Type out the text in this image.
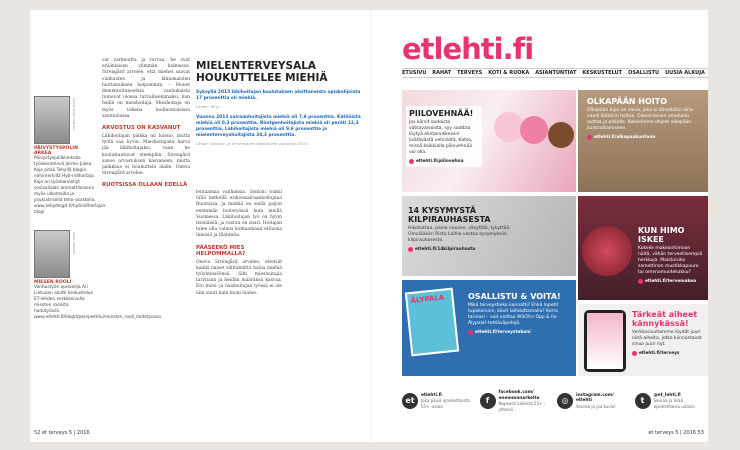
KUVAT: MARI LINTULA
PÄIVYSTYSPOLIN ARKEA
Päivystyspoliklinikalla työskentelevä Jarmo-Jukka Kojo pitää Tehyllä blogia nimimerkillä Hyb-ridihoitaja. Kojo on työskennellyt sosiaalialan ammattilaisena myös ulkomailla ja psykiatrisella teho-osastolla.
www.tehyblogit.fi/hybridihoitajan-blogi
KUVA: PRIVATE
MIESEN ROOLI
Vanhustyön opiskelija Ari Lintunen aloitti keskustelun ET-lehden verkkosivulla miesten roolista hoitotyössä.
www.etlehti.fi/blogit/perspektiivi/miesten_rooli_hoitotyossa

vat varmuutta ja turvaa, he ovat eräänlaisen ylimmän kulmassa. Strengård arvelee, että miehet saavat vanhusten ja lähiomaisten luottamuksen helpommin. – Monet dementoituneetkin vanhuksista tuntevat olonsa turvallisemmaksi, kun heillä on mieshoitaja. Mieshoitaja on myös tukena kodinomaisissa asuntoloissa.

ARVOSTUS ON KASVANUT

Lähihoitajan palkka on huono, mutta työtä saa hyvin. Mieshoitajista harva jää lähihoitajaksi, vaan he kouluttautuvat eteenpäin. Strengård sanoo arvostuksen kasvaneen, mutta palkkaus ei houkuttele alalle. Oneva Strengård arvelee.

RUOTSISSA OLLAAN EDELLÄ
MIELENTERVEYSALA HOUKUTTELEE MIEHIÄ
Syksyllä 2015 lähihoitajan koulutuksen aloittaneista opiskelijoista 17 prosenttia oli miehiä.
Lähde: Tehy.
Vuonna 2013 sairaanhoitajista miehiä oli 7,9 prosenttia. Kätilöistä miehiä oli 0,3 prosenttia. Röntgenhoitajista miehiä oli peräti 12,3 prosenttia. Lähihoitajista miehiä oli 9,6 prosenttia ja mielenterveyshoitajista 34,3 prosenttia.
Lähde: Sosiaali- ja terveysalan tilastollinen vuosikirja 2015

lentaamaa vanhuksia. Siskoni toimii tällä hetkellä erikoissairaanhoitajana Ruotsissa, ja miehiä on siellä paljon enemmän hoitotyössä kuin meillä Suomessa. Lähihoitajan työ on hyvin itsenäistä, ja vastuu on suuri. Hoitajan tulee olla valmis kohtaamaan erilaisia ihmisiä ja tilanteita.

PÄÄSEEKÖ MIES HELPOMMALLA?

Oneva Strengård arvelee, etteivät kaikki naiset välttämättä halua miehiä työyhteisöönsä. Silti mieshoitajia tarvitaan ja heidän määränsä kasvaa. Ero mies- ja naishoitajan työssä ei ole niin suuri kuin moni luulee.

52 et terveys 5 | 2016
etlehti.fi
ETUSIVU RAHAT TERVEYS KOTI & RUOKA ASIANTUNTIAT KESKUSTELUT OSALLISTU UUSIA ALKUJA
PIILOVEHNÄÄ!
Jos kärsit oudoista vatsavaivoista, syy saattaa löytyä elintarvikkeisiin lisätävästä vehnästä. Katso, missä kaikkialla piilovehnää voi olla.
etlehti.fi/piilovehna
OLKAPÄÄN HOITO
Olkapään kipu on vaiva, joka ei läheskään aina vaadi lääkärin hoitoa. Oikeanlainen omahoito auttaa jo pitkälle. Kokosimme ohjeet olkapään kuntouttamiseen.
etlehti.fi/olkapaakuntoon
14 KYSYMYSTÄ KILPIRAUHASESTA
Hikoiluttaa, paino nousee, väsyttää, tykyttää. Omalääkäri Risto Laitila vastaa kysymyksiin kilpirauhasesta.
etlehti.fi/14kilpirauhasta
KUN HIMO ISKEE
Kokeile makeanhimoon näitä, vähän terveellisempiä herkkuja. Maistuisiko samettinen mustikkapuuro tai omenamuotekakku?
etlehti.fi/tervemakea
ÄLYPALA	OSALLISTU & VOITA!
Mikä terveystieko kannatti? Ehkä lopetit tupakoinnin, kävit laihduttamalla? Kerro tarinasi – voit voittaa WSOY:n Opp & Ilo Älypala!-tehtäväpelejä.
etlehti.fi/terveystekoni
Tärkeät aiheet kännykässä!
Verkkosivultamme löydät juuri niitä aiheita, jotka kiinnostavat sinua juuri nyt.
etlehti.fi/terveys
et
etlehti.fi
Joka päivä ajankohtaista 55+ -asiaa
f
facebook.com/ enemmanarkelta
Nopeasti kaikista 55+ -yhteisö
◎
instagram.com/ etlehti
Seuraa ja jaa kuvia!
t
@et_lehti.fi
Seuraa ja lisää ajankohtaisia uutisia
et terveys 5 | 2016 53
